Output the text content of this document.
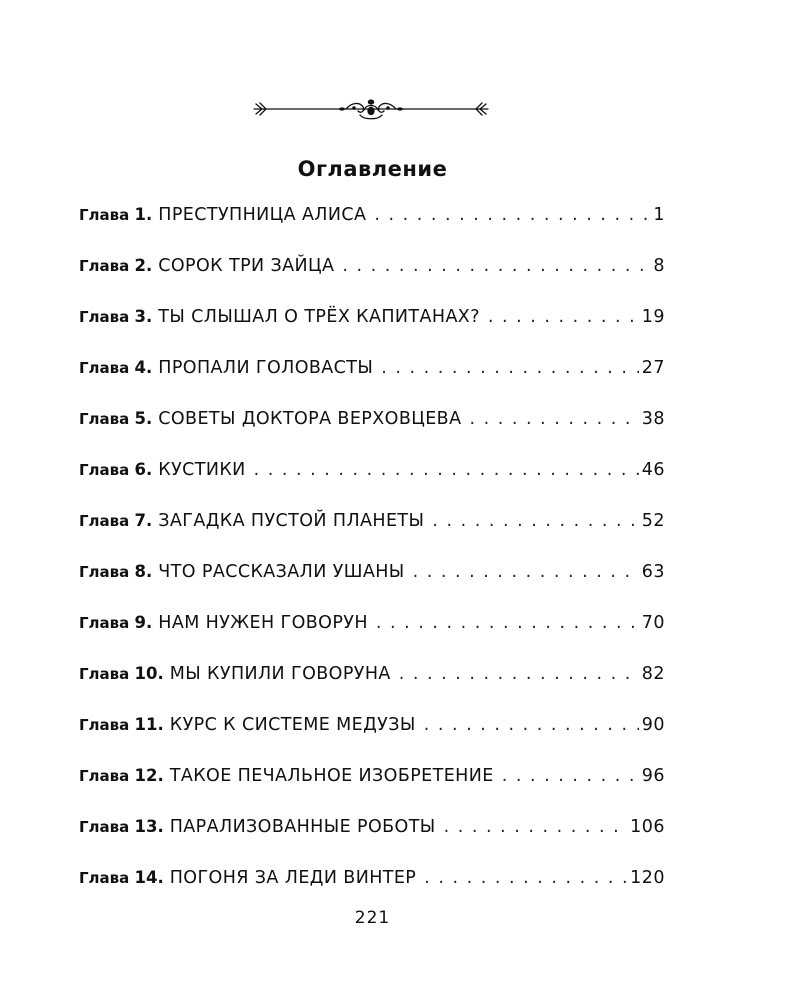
Оглавление
Глава 1. ПРЕСТУПНИЦА АЛИСА . . .	1
Глава 2. СОРОК ТРИ ЗАЙЦА . . .	8
Глава 3. ТЫ СЛЫШАЛ О ТРЁХ КАПИТАНАХ? . . .	19
Глава 4. ПРОПАЛИ ГОЛОВАСТЫ . . .	27
Глава 5. СОВЕТЫ ДОКТОРА ВЕРХОВЦЕВА . . .	38
Глава 6. КУСТИКИ . . .	46
Глава 7. ЗАГАДКА ПУСТОЙ ПЛАНЕТЫ . . .	52
Глава 8. ЧТО РАССКАЗАЛИ УШАНЫ . . .	63
Глава 9. НАМ НУЖЕН ГОВОРУН . . .	70
Глава 10. МЫ КУПИЛИ ГОВОРУНА . . .	82
Глава 11. КУРС К СИСТЕМЕ МЕДУЗЫ . . .	90
Глава 12. ТАКОЕ ПЕЧАЛЬНОЕ ИЗОБРЕТЕНИЕ . . .	96
Глава 13. ПАРАЛИЗОВАННЫЕ РОБОТЫ . . .	106
Глава 14. ПОГОНЯ ЗА ЛЕДИ ВИНТЕР . . .	120
221
